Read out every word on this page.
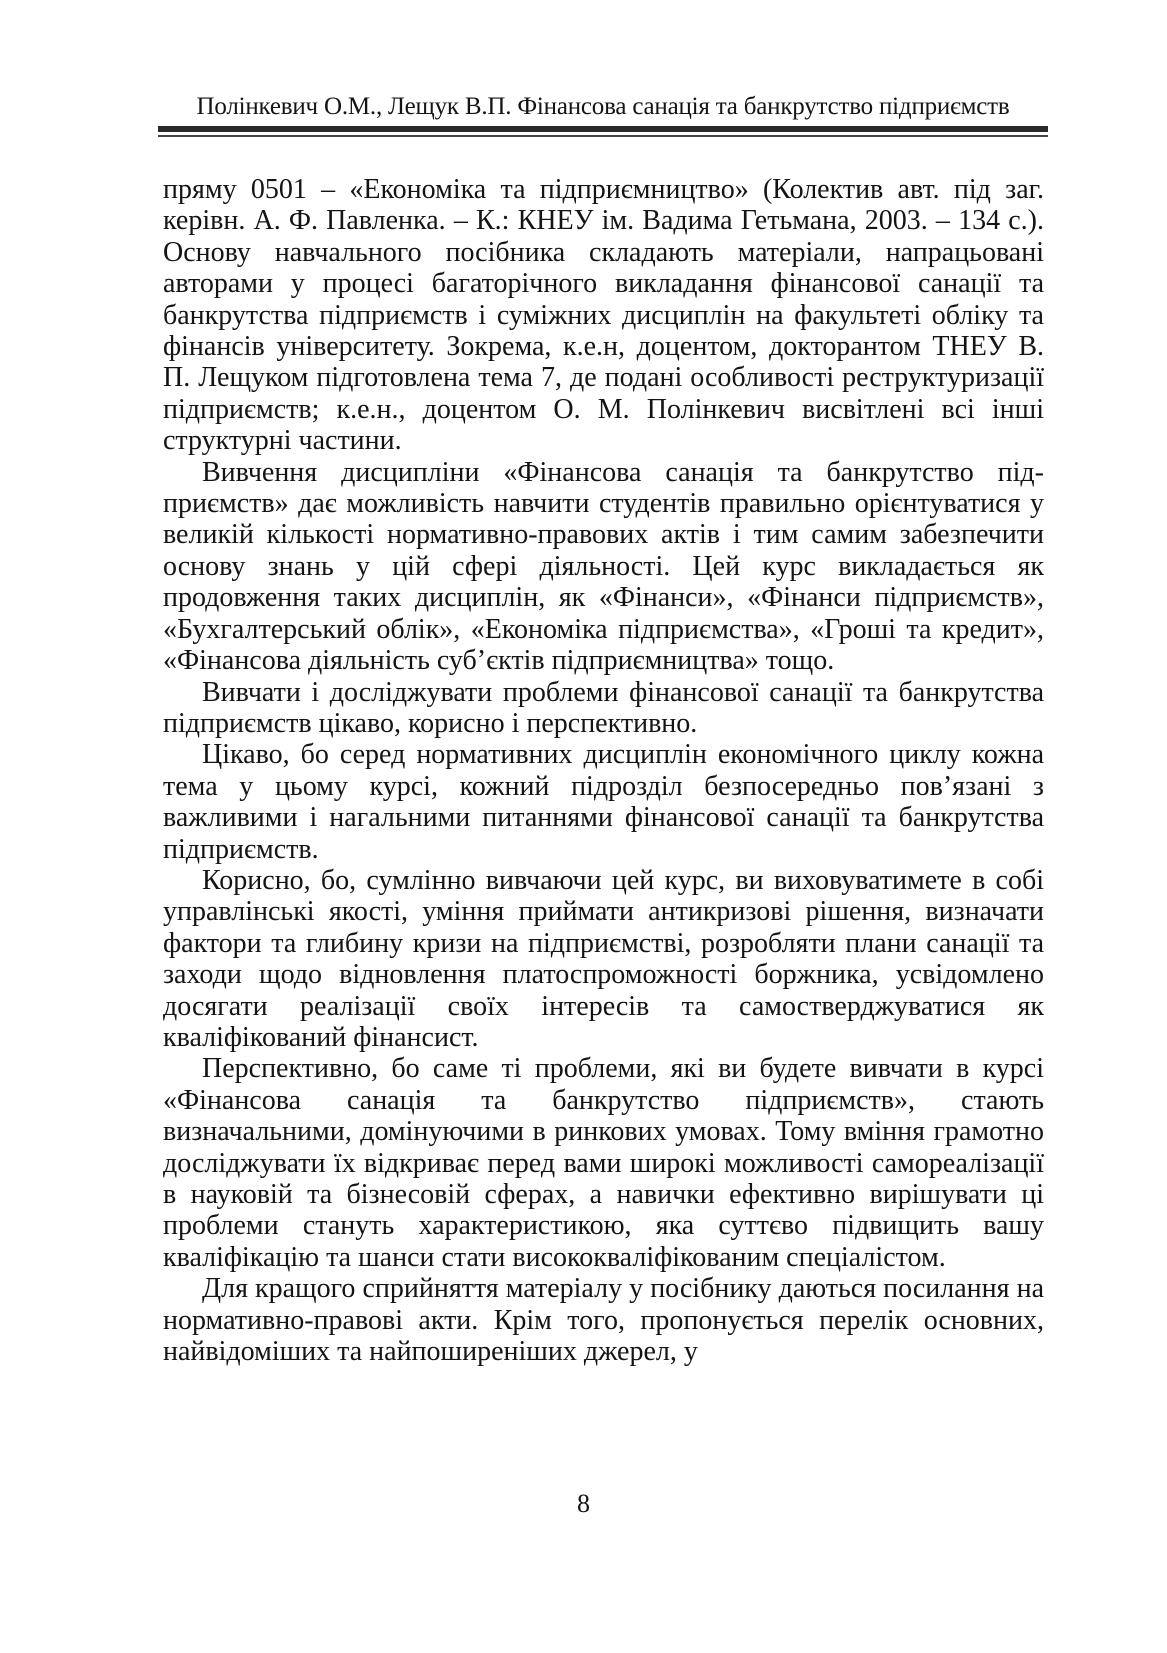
Полінкевич О.М., Лещук В.П. Фінансова санація та банкрутство підприємств

пряму 0501 – «Економіка та підприємництво» (Колектив авт. під заг. керівн. А. Ф. Павленка. – К.: КНЕУ ім. Вадима Гетьмана, 2003. – 134 с.). Основу навчального посібника складають матеріали, напрацьовані авторами у процесі багаторічного викладання фінансової санації та банкрутства підприємств і суміжних дисциплін на факультеті обліку та фінансів університету. Зокрема, к.е.н, доцентом, докторантом ТНЕУ В. П. Лещуком підготовлена тема 7, де подані особливості реструктуризації підприємств; к.е.н., доцентом О. М. Полінкевич висвітлені всі інші структурні частини.

Вивчення дисципліни «Фінансова санація та банкрутство підприємств» дає можливість навчити студентів правильно орієнтуватися у великій кількості нормативно-правових актів і тим самим забезпечити основу знань у цій сфері діяльності. Цей курс викладається як продовження таких дисциплін, як «Фінанси», «Фінанси підприємств», «Бухгалтерський облік», «Економіка підприємства», «Гроші та кредит», «Фінансова діяльність суб’єктів підприємництва» тощо.

Вивчати і досліджувати проблеми фінансової санації та банкрутства підприємств цікаво, корисно і перспективно.

Цікаво, бо серед нормативних дисциплін економічного циклу кожна тема у цьому курсі, кожний підрозділ безпосередньо пов’язані з важливими і нагальними питаннями фінансової санації та банкрутства підприємств.

Корисно, бо, сумлінно вивчаючи цей курс, ви виховуватимете в собі управлінські якості, уміння приймати антикризові рішення, визначати фактори та глибину кризи на підприємстві, розробляти плани санації та заходи щодо відновлення платоспроможності боржника, усвідомлено досягати реалізації своїх інтересів та самостверджуватися як кваліфікований фінансист.

Перспективно, бо саме ті проблеми, які ви будете вивчати в курсі «Фінансова санація та банкрутство підприємств», стають визначальними, домінуючими в ринкових умовах. Тому вміння грамотно досліджувати їх відкриває перед вами широкі можливості самореалізації в науковій та бізнесовій сферах, а навички ефективно вирішувати ці проблеми стануть характеристикою, яка суттєво підвищить вашу кваліфікацію та шанси стати висококваліфікованим спеціалістом.

Для кращого сприйняття матеріалу у посібнику даються посилання на нормативно-правові акти. Крім того, пропонується перелік основних, найвідоміших та найпоширеніших джерел, у

8
